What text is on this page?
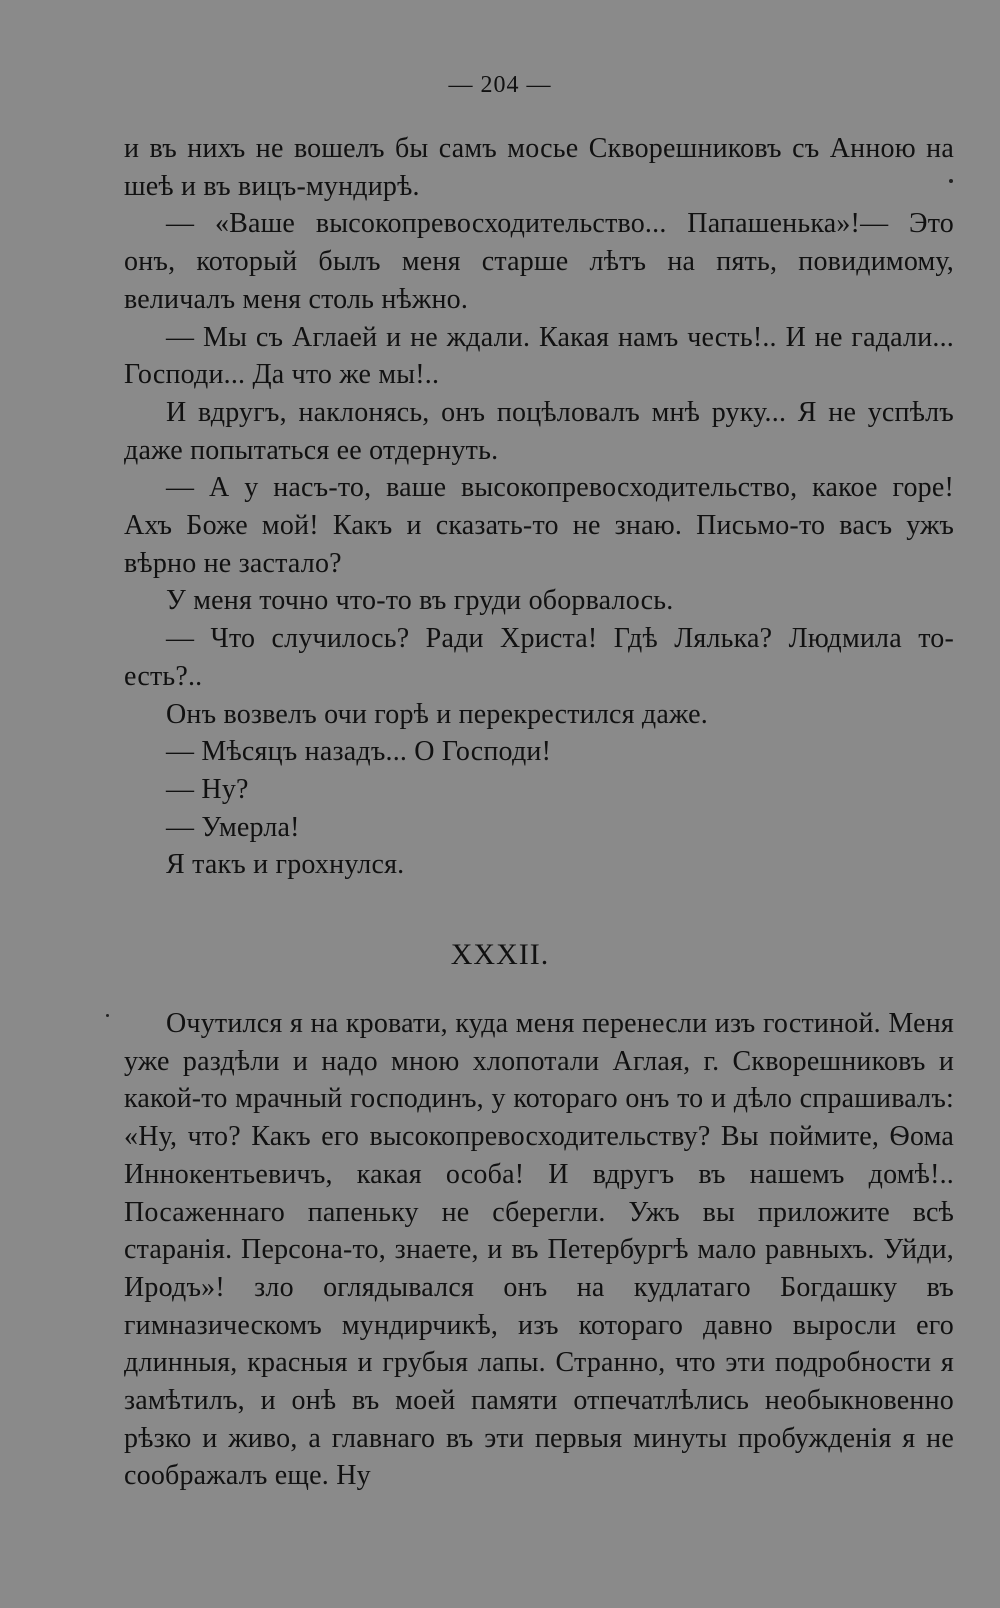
— 204 —

и въ нихъ не вошелъ бы самъ мосье Скворешниковъ съ Анною на шеѣ и въ вицъ-мундирѣ.

— «Ваше высокопревосходительство... Папашенька»!— Это онъ, который былъ меня старше лѣтъ на пять, повидимому, величалъ меня столь нѣжно.

— Мы съ Аглаей и не ждали. Какая намъ честь!.. И не гадали... Господи... Да что же мы!..

И вдругъ, наклонясь, онъ поцѣловалъ мнѣ руку... Я не успѣлъ даже попытаться ее отдернуть.

— А у насъ-то, ваше высокопревосходительство, какое горе! Ахъ Боже мой! Какъ и сказать-то не знаю. Письмо-то васъ ужъ вѣрно не застало?

У меня точно что-то въ груди оборвалось.

— Что случилось? Ради Христа! Гдѣ Лялька? Людмила то-есть?..

Онъ возвелъ очи горѣ и перекрестился даже.

— Мѣсяцъ назадъ... О Господи!

— Ну?

— Умерла!

Я такъ и грохнулся.

XXXII.

Очутился я на кровати, куда меня перенесли изъ гостиной. Меня уже раздѣли и надо мною хлопотали Аглая, г. Скворешниковъ и какой-то мрачный господинъ, у котораго онъ то и дѣло спрашивалъ: «Ну, что? Какъ его высокопревосходительству? Вы поймите, Ѳома Иннокентьевичъ, какая особа! И вдругъ въ нашемъ домѣ!.. Посаженнаго папеньку не сберегли. Ужъ вы приложите всѣ старанія. Персона-то, знаете, и въ Петербургѣ мало равныхъ. Уйди, Иродъ»! зло оглядывался онъ на кудлатаго Богдашку въ гимназическомъ мундирчикѣ, изъ котораго давно выросли его длинныя, красныя и грубыя лапы. Странно, что эти подробности я замѣтилъ, и онѣ въ моей памяти отпечатлѣлись необыкновенно рѣзко и живо, а главнаго въ эти первыя минуты пробужденія я не соображалъ еще. Ну
